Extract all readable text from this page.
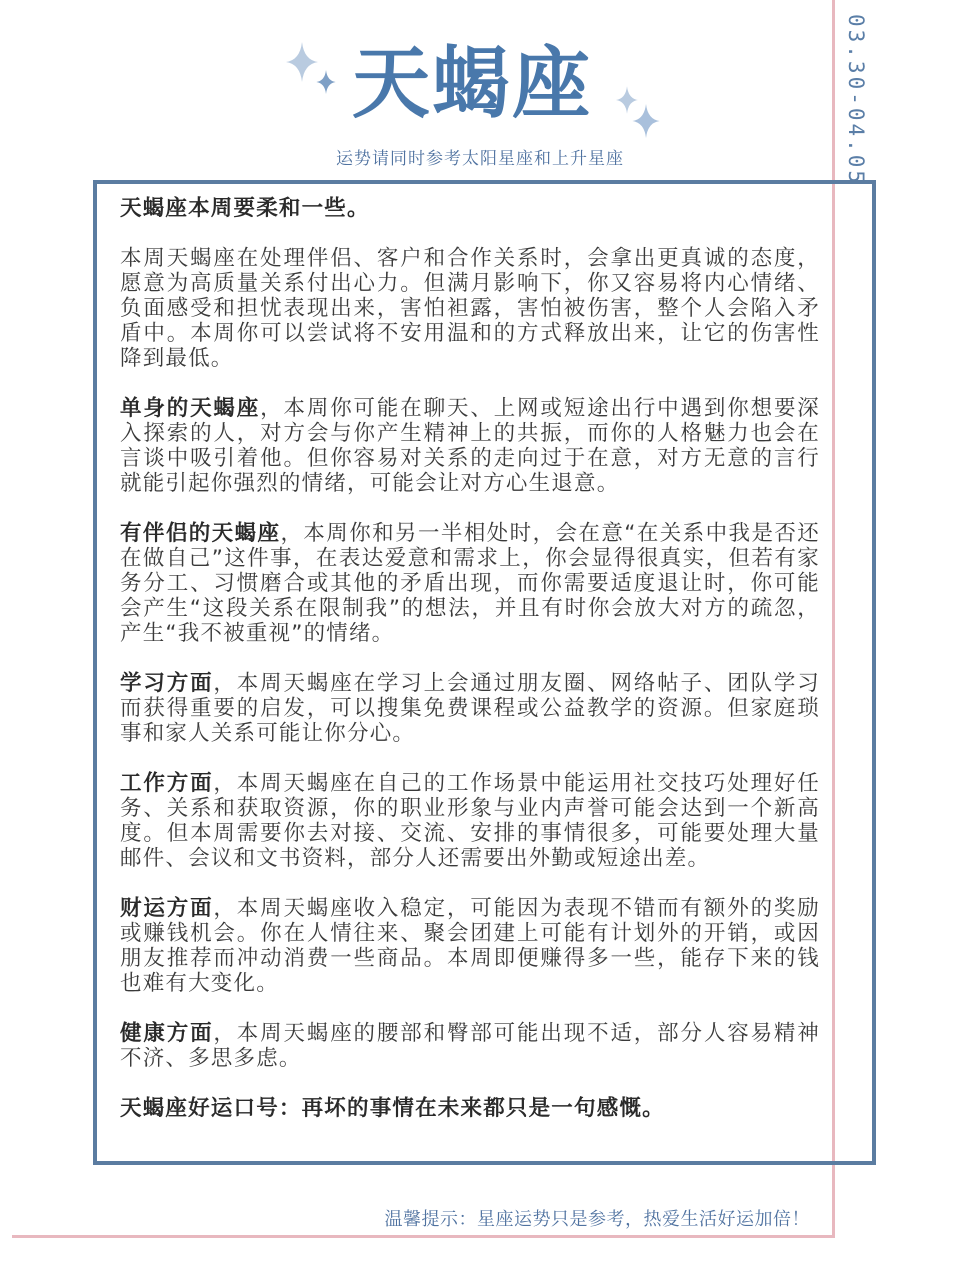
03.30-04.05
天蝎座
运势请同时参考太阳星座和上升星座

天蝎座本周要柔和一些。

本周天蝎座在处理伴侣、客户和合作关系时，会拿出更真诚的态度，愿意为高质量关系付出心力。但满月影响下，你又容易将内心情绪、负面感受和担忧表现出来，害怕袒露，害怕被伤害，整个人会陷入矛盾中。本周你可以尝试将不安用温和的方式释放出来，让它的伤害性降到最低。

单身的天蝎座，本周你可能在聊天、上网或短途出行中遇到你想要深入探索的人，对方会与你产生精神上的共振，而你的人格魅力也会在言谈中吸引着他。但你容易对关系的走向过于在意，对方无意的言行就能引起你强烈的情绪，可能会让对方心生退意。

有伴侣的天蝎座，本周你和另一半相处时，会在意“在关系中我是否还在做自己”这件事，在表达爱意和需求上，你会显得很真实，但若有家务分工、习惯磨合或其他的矛盾出现，而你需要适度退让时，你可能会产生“这段关系在限制我”的想法，并且有时你会放大对方的疏忽，产生“我不被重视”的情绪。

学习方面，本周天蝎座在学习上会通过朋友圈、网络帖子、团队学习而获得重要的启发，可以搜集免费课程或公益教学的资源。但家庭琐事和家人关系可能让你分心。

工作方面，本周天蝎座在自己的工作场景中能运用社交技巧处理好任务、关系和获取资源，你的职业形象与业内声誉可能会达到一个新高度。但本周需要你去对接、交流、安排的事情很多，可能要处理大量邮件、会议和文书资料，部分人还需要出外勤或短途出差。

财运方面，本周天蝎座收入稳定，可能因为表现不错而有额外的奖励或赚钱机会。你在人情往来、聚会团建上可能有计划外的开销，或因朋友推荐而冲动消费一些商品。本周即便赚得多一些，能存下来的钱也难有大变化。

健康方面，本周天蝎座的腰部和臀部可能出现不适，部分人容易精神不济、多思多虑。

天蝎座好运口号：再坏的事情在未来都只是一句感慨。

温馨提示：星座运势只是参考，热爱生活好运加倍！
